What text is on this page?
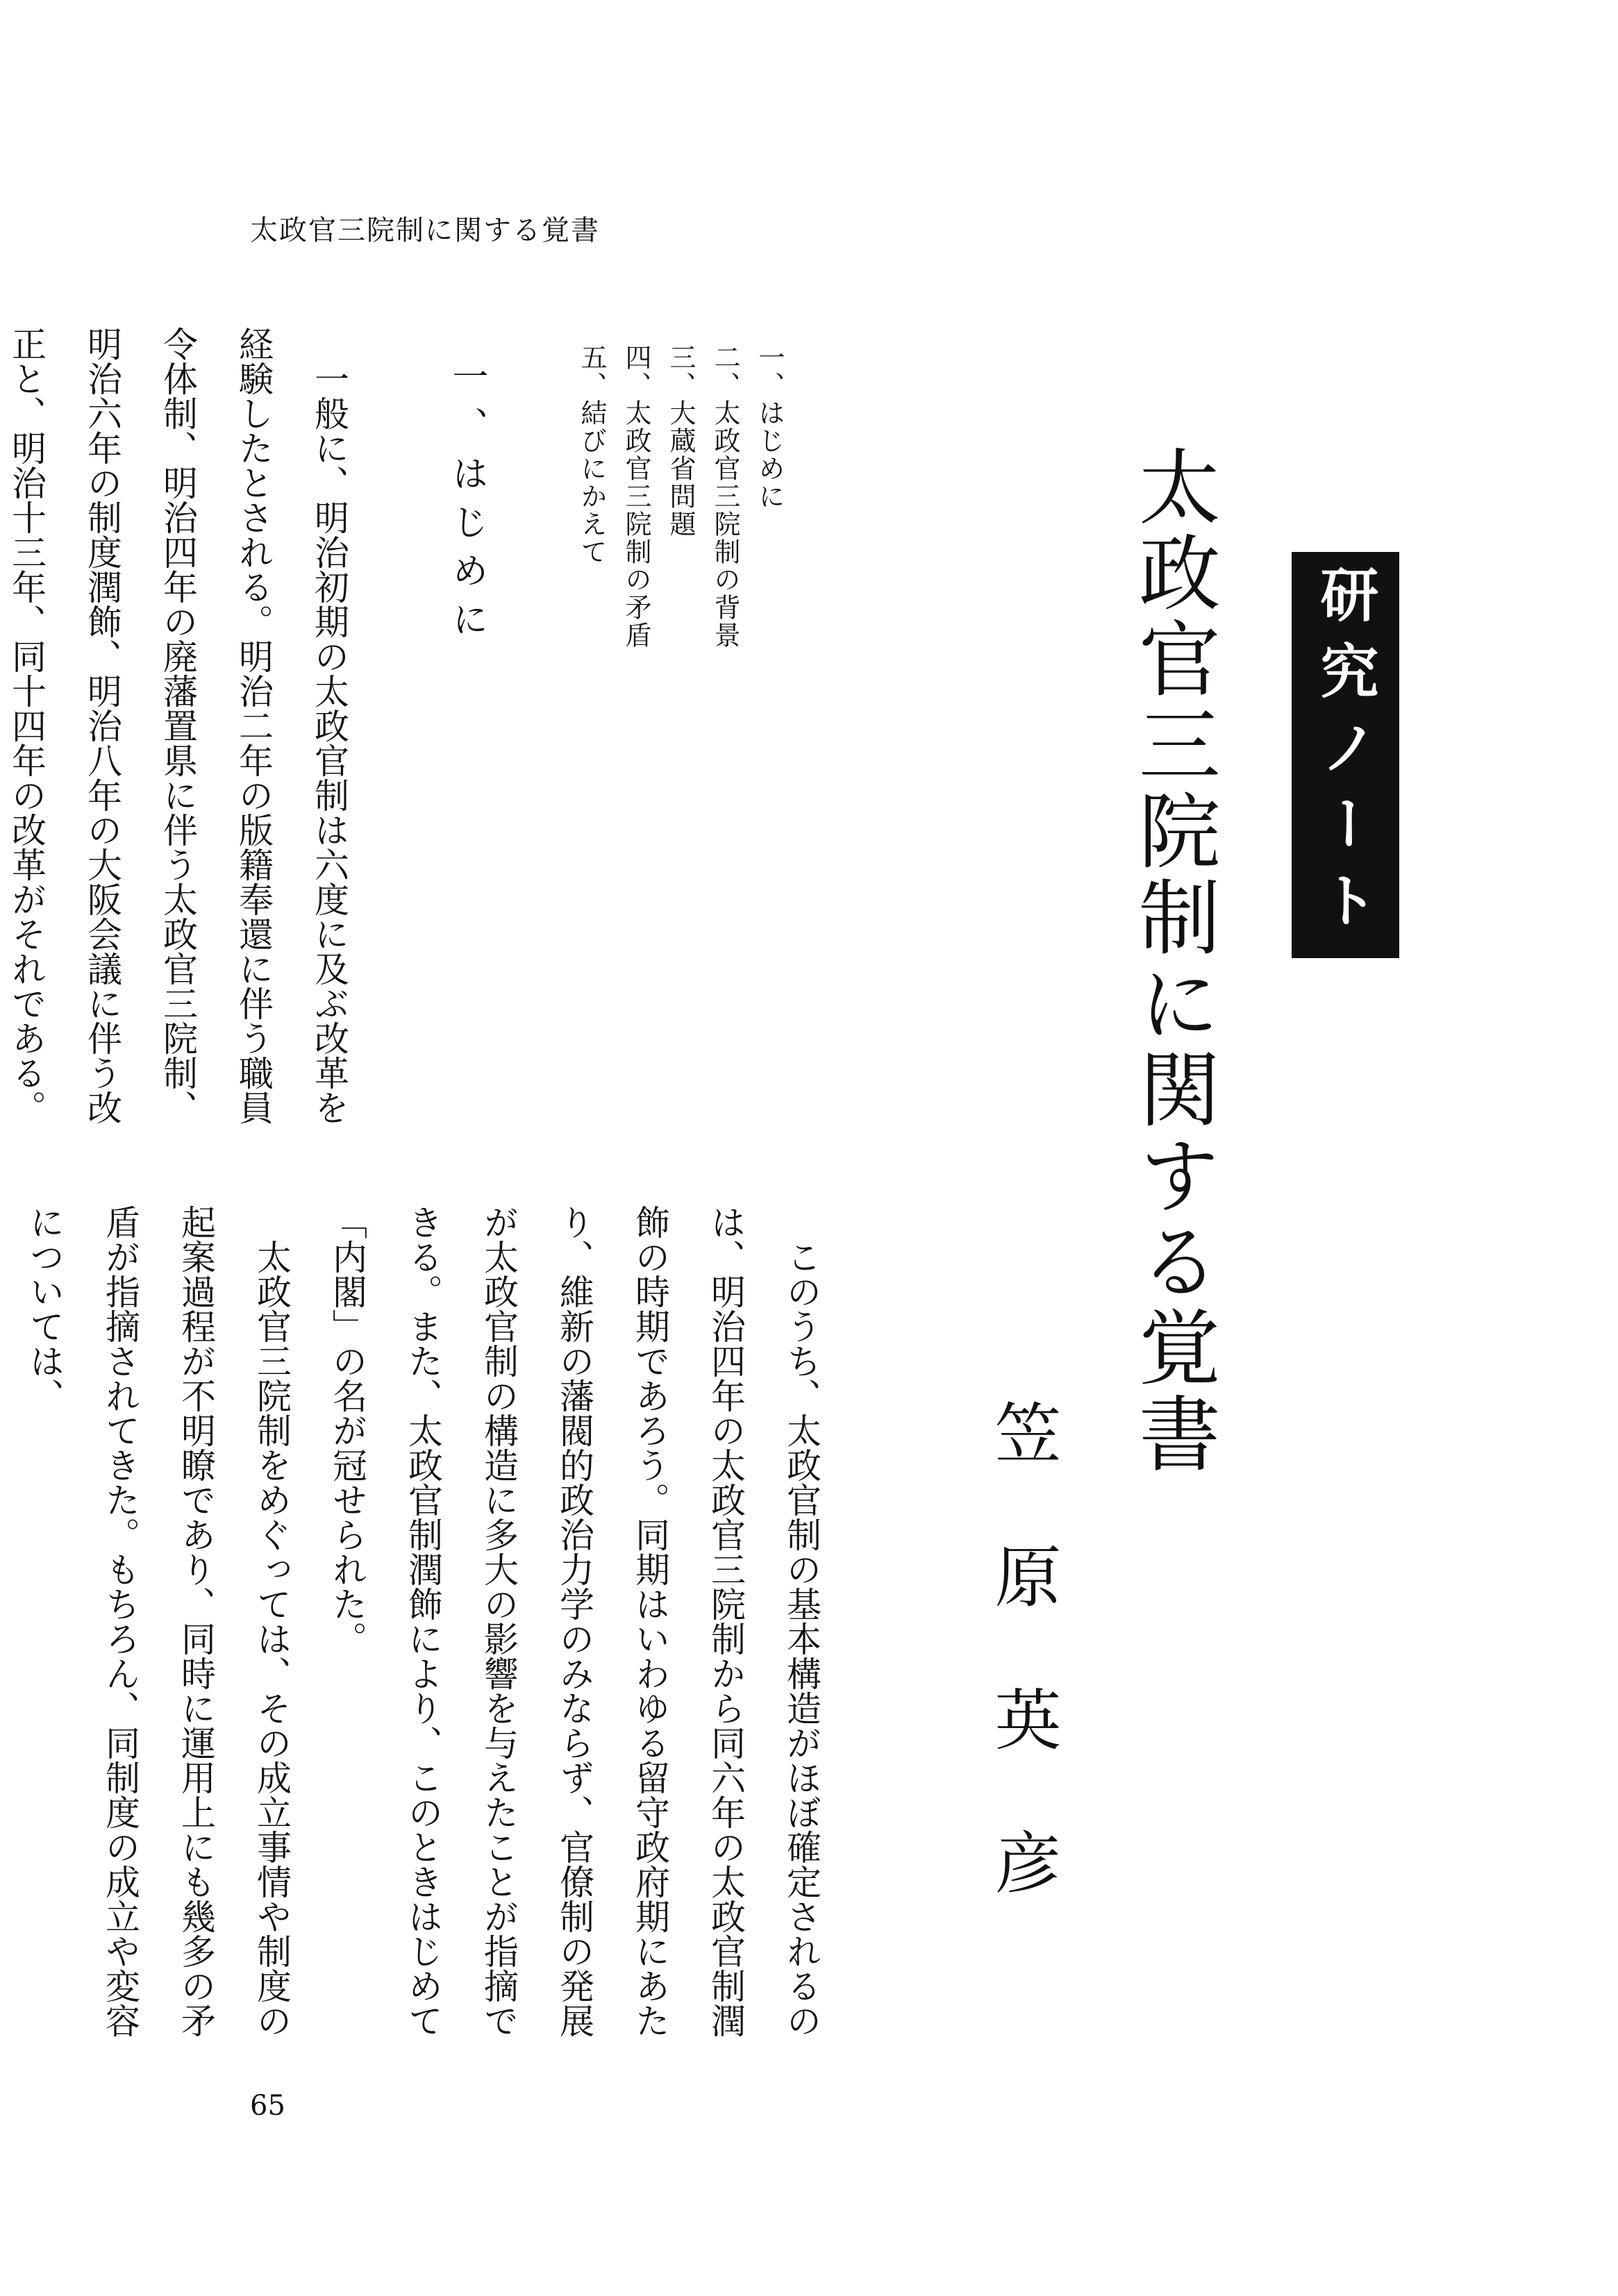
太政官三院制に関する覚書
研究ノート
太政官三院制に関する覚書
笠原英彦
一、はじめに
二、太政官三院制の背景
三、大蔵省問題
四、太政官三院制の矛盾
五、結びにかえて
一、はじめに

一般に、明治初期の太政官制は六度に及ぶ改革を経験したとされる。明治二年の版籍奉還に伴う職員令体制、明治四年の廃藩置県に伴う太政官三院制、明治六年の制度潤飾、明治八年の大阪会議に伴う改正と、明治十三年、同十四年の改革がそれである。

このうち、太政官制の基本構造がほぼ確定されるのは、明治四年の太政官三院制から同六年の太政官制潤飾の時期であろう。同期はいわゆる留守政府期にあたり、維新の藩閥的政治力学のみならず、官僚制の発展が太政官制の構造に多大の影響を与えたことが指摘できる。また、太政官制潤飾により、このときはじめて「内閣」の名が冠せられた。

太政官三院制をめぐっては、その成立事情や制度の起案過程が不明瞭であり、同時に運用上にも幾多の矛盾が指摘されてきた。もちろん、同制度の成立や変容については、

65
